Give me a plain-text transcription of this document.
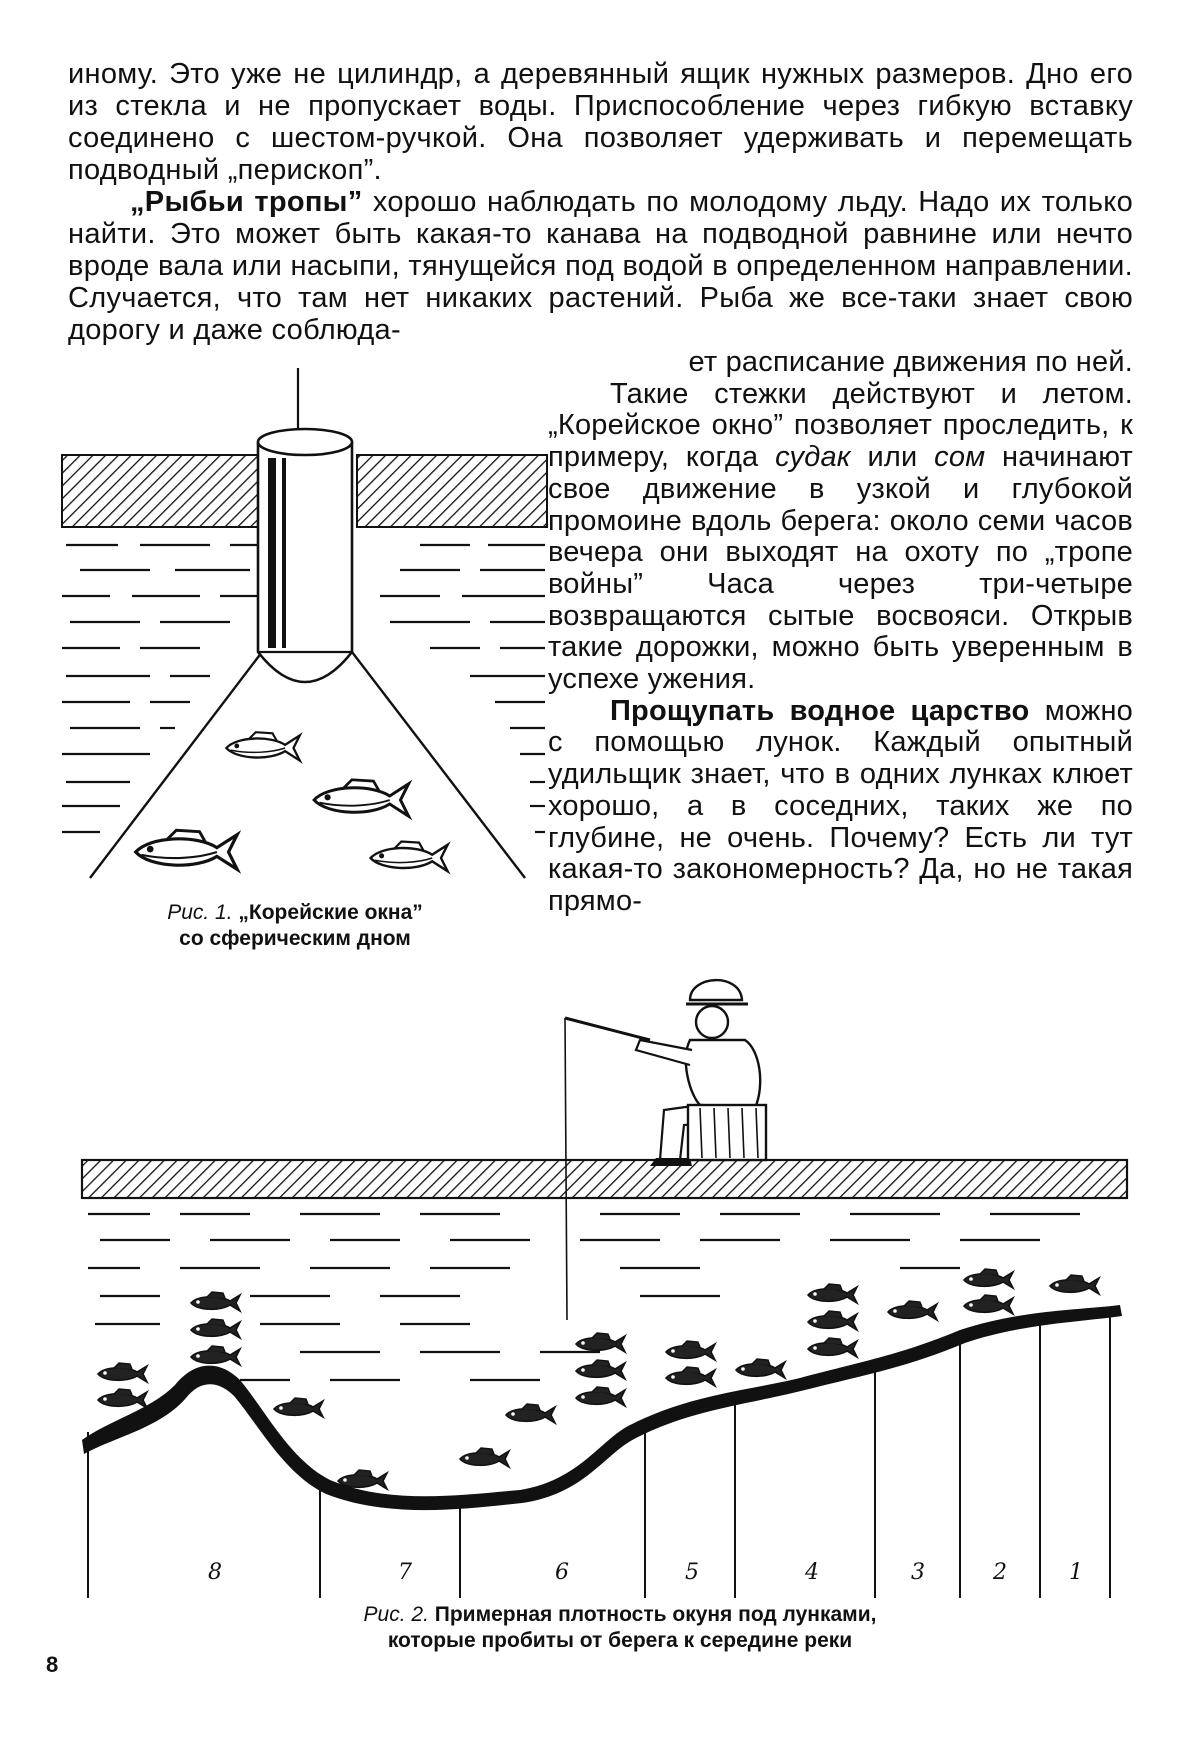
8	7	6	5	4	3	2	1

иному. Это уже не цилиндр, а деревянный ящик нужных размеров. Дно его из стекла и не пропускает воды. Приспособление через гибкую вставку соединено с шестом-ручкой. Она позволяет удерживать и перемещать подводный „перископ”.

„Рыбьи тропы” хорошо наблюдать по молодому льду. Надо их только найти. Это может быть какая-то канава на подводной равнине или нечто вроде вала или насыпи, тянущейся под водой в определенном направлении. Случается, что там нет никаких растений. Рыба же все-таки знает свою дорогу и даже соблюда-

ет расписание движения по ней.

Такие стежки действуют и летом. „Корейское окно” позволяет проследить, к примеру, когда судак или сом начинают свое движение в узкой и глубокой промоине вдоль берега: около семи часов вечера они выходят на охоту по „тропе войны” Часа через три-четыре возвращаются сытые восвояси. Открыв такие дорожки, можно быть уверенным в успехе ужения.

Прощупать водное царство можно с помощью лунок. Каждый опытный удильщик знает, что в одних лунках клюет хорошо, а в соседних, таких же по глубине, не очень. Почему? Есть ли тут какая-то закономерность? Да, но не такая прямо-

Рис. 1. „Корейские окна”
со сферическим дном
Рис. 2. Примерная плотность окуня под лунками,
которые пробиты от берега к середине реки
8
